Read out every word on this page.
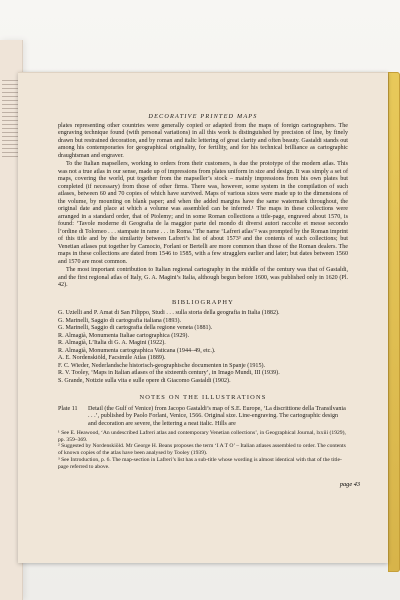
DECORATIVE PRINTED MAPS

plates representing other countries were generally copied or adapted from the maps of foreign cartographers. The engraving technique found (with personal variations) in all this work is distinguished by precision of line, by finely drawn but restrained decoration, and by roman and italic lettering of great clarity and often beauty. Gastaldi stands out among his contemporaries for geographical originality, for fertility, and for his technical brilliance as cartographic draughtsman and engraver.

To the Italian mapsellers, working to orders from their customers, is due the prototype of the modern atlas. This was not a true atlas in our sense, made up of impressions from plates uniform in size and design. It was simply a set of maps, covering the world, put together from the mapseller’s stock – mainly impressions from his own plates but completed (if necessary) from those of other firms. There was, however, some system in the compilation of such atlases, between 60 and 70 copies of which have survived. Maps of various sizes were made up to the dimensions of the volume, by mounting on blank paper; and when the added margins have the same watermark throughout, the original date and place at which a volume was assembled can be inferred.¹ The maps in these collections were arranged in a standard order, that of Ptolemy; and in some Roman collections a title-page, engraved about 1570, is found: ‘Tavole moderne di Geografia de la maggior parte del mondo di diversi autori raccolte et messe secondo l’ordine di Tolomeo . . . stampate in rame . . . in Roma.’ The name ‘Lafreri atlas’² was prompted by the Roman imprint of this title and by the similarity between Lafreri’s list of about 1573³ and the contents of such collections; but Venetian atlases put together by Camocio, Forlani or Bertelli are more common than those of the Roman dealers. The maps in these collections are dated from 1546 to 1585, with a few stragglers earlier and later; but dates between 1560 and 1570 are most common.

The most important contribution to Italian regional cartography in the middle of the century was that of Gastaldi, and the first regional atlas of Italy, G. A. Magini’s Italia, although begun before 1600, was published only in 1620 (Pl. 42).

BIBLIOGRAPHY
G. Uzielli and P. Amat di San Filippo, Studi . . . sulla storia della geografia in Italia (1882).
G. Marinelli, Saggio di cartografia italiana (1893).
G. Marinelli, Saggio di cartografia della regione veneta (1881).
R. Almagià, Monumenta Italiae cartographica (1929).
R. Almagià, L’Italia di G. A. Magini (1922).
R. Almagià, Monumenta cartographica Vaticana (1944–49, etc.).
A. E. Nordenskiöld, Facsimile Atlas (1889).
F. C. Wieder, Nederlandsche historisch-geographische documenten in Spanje (1915).
R. V. Tooley, ‘Maps in Italian atlases of the sixteenth century’, in Imago Mundi, III (1939).
S. Grande, Notizie sulla vita e sulle opere di Giacomo Gastaldi (1902).
NOTES ON THE ILLUSTRATIONS
Plate 11	Detail (the Gulf of Venice) from Jacopo Gastaldi’s map of S.E. Europe, ‘La discrittione della Transilvania . . .’, published by Paolo Forlani, Venice, 1566. Original size. Line-engraving. The cartographic design and decoration are severe, the lettering a neat italic. Hills are
¹ See E. Heawood, ‘An undescribed Lafreri atlas and contemporary Venetian collections’, in Geographical Journal, lxxiii (1929), pp. 359–369.
² Suggested by Nordenskiöld. Mr George H. Beans proposes the term ‘I A T O’ – Italian atlases assembled to order. The contents of known copies of the atlas have been analysed by Tooley (1939).
³ See Introduction, p. 6. The map-section in Lafreri’s list has a sub-title whose wording is almost identical with that of the title-page referred to above.
page 43
